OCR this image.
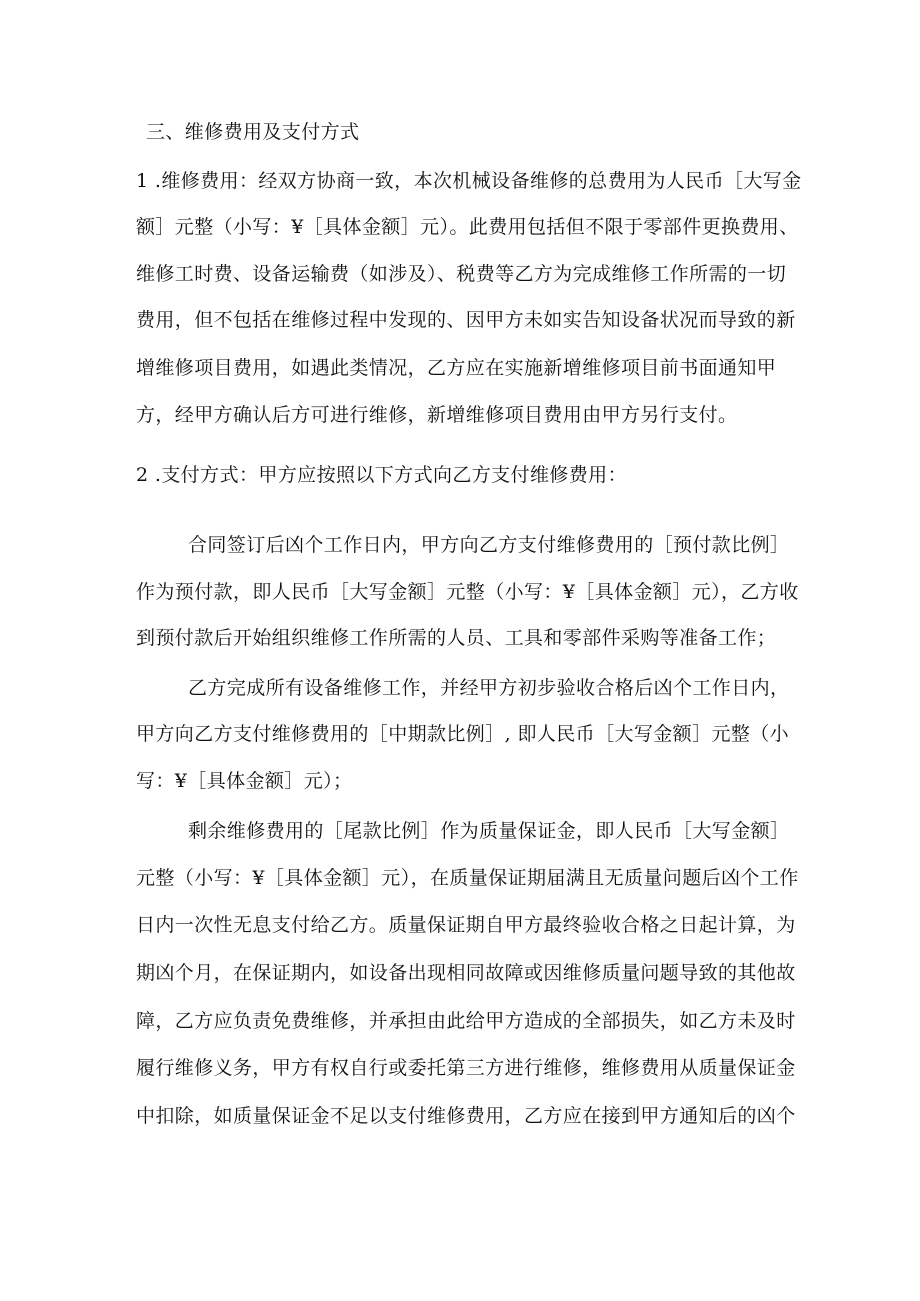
三、维修费用及支付方式
1 .维修费用：经双方协商一致，本次机械设备维修的总费用为人民币［大写金
额］元整（小写：¥［具体金额］元）。此费用包括但不限于零部件更换费用、
维修工时费、设备运输费（如涉及）、税费等乙方为完成维修工作所需的一切
费用，但不包括在维修过程中发现的、因甲方未如实告知设备状况而导致的新
增维修项目费用，如遇此类情况，乙方应在实施新增维修项目前书面通知甲
方，经甲方确认后方可进行维修，新增维修项目费用由甲方另行支付。
2 .支付方式：甲方应按照以下方式向乙方支付维修费用：
合同签订后凶个工作日内，甲方向乙方支付维修费用的［预付款比例］
作为预付款，即人民币［大写金额］元整（小写：¥［具体金额］元），乙方收
到预付款后开始组织维修工作所需的人员、工具和零部件采购等准备工作；
乙方完成所有设备维修工作，并经甲方初步验收合格后凶个工作日内，
甲方向乙方支付维修费用的［中期款比例］, 即人民币［大写金额］元整（小
写：¥［具体金额］元）；
剩余维修费用的［尾款比例］作为质量保证金，即人民币［大写金额］
元整（小写：¥［具体金额］元），在质量保证期届满且无质量问题后凶个工作
日内一次性无息支付给乙方。质量保证期自甲方最终验收合格之日起计算，为
期凶个月，在保证期内，如设备出现相同故障或因维修质量问题导致的其他故
障，乙方应负责免费维修，并承担由此给甲方造成的全部损失，如乙方未及时
履行维修义务，甲方有权自行或委托第三方进行维修，维修费用从质量保证金
中扣除，如质量保证金不足以支付维修费用，乙方应在接到甲方通知后的凶个
